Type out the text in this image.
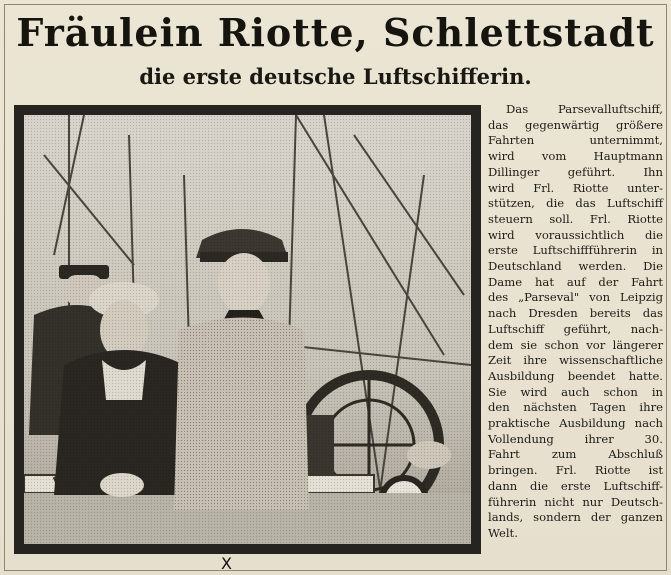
Fräulein Riotte, Schlettstadt
die erste deutsche Luftschifferin.
X
Das Parsevalluftschiff,
das gegenwärtig größere
Fahrten unternimmt,
wird vom Hauptmann
Dillinger geführt. Ihn
wird Frl. Riotte unter-
stützen, die das Luftschiff
steuern soll. Frl. Riotte
wird voraussichtlich die
erste Luftschiffführerin in
Deutschland werden. Die
Dame hat auf der Fahrt
des „Parseval" von Leipzig
nach Dresden bereits das
Luftschiff geführt, nach-
dem sie schon vor längerer
Zeit ihre wissenschaftliche
Ausbildung beendet hatte.
Sie wird auch schon in
den nächsten Tagen ihre
praktische Ausbildung nach
Vollendung ihrer 30.
Fahrt zum Abschluß
bringen. Frl. Riotte ist
dann die erste Luftschiff-
führerin nicht nur Deutsch-
lands, sondern der ganzen
Welt.
